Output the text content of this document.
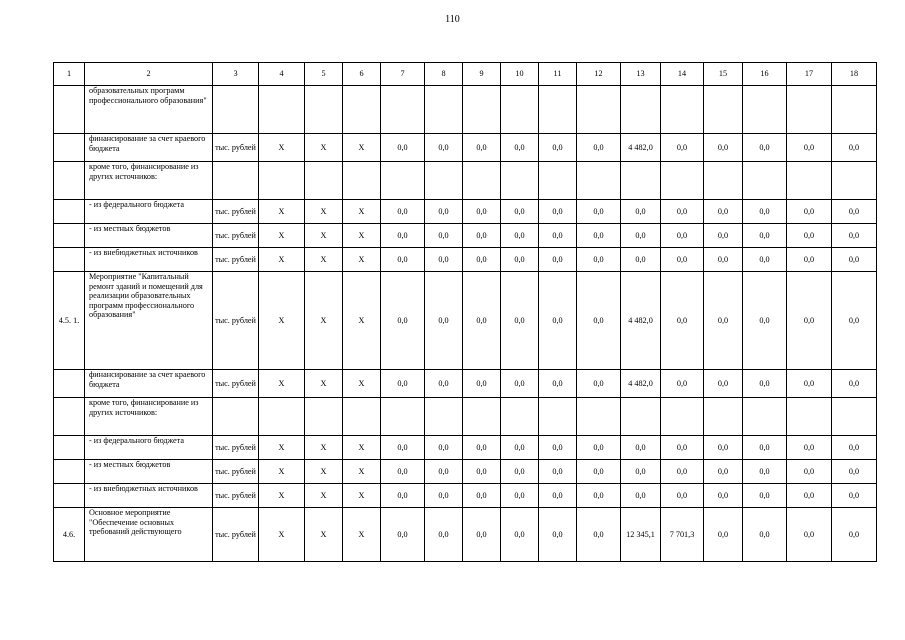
110
1	2	3	4	5	6	7	8	9	10	11	12	13	14	15	16	17	18
	образовательных программ профессионального образования"																
	финансирование за счет краевого бюджета	тыс. рублей	X	X	X	0,0	0,0	0,0	0,0	0,0	0,0	4 482,0	0,0	0,0	0,0	0,0	0,0
	кроме того, финансирование из других источников:																
	- из федерального бюджета	тыс. рублей	X	X	X	0,0	0,0	0,0	0,0	0,0	0,0	0,0	0,0	0,0	0,0	0,0	0,0
	- из местных бюджетов	тыс. рублей	X	X	X	0,0	0,0	0,0	0,0	0,0	0,0	0,0	0,0	0,0	0,0	0,0	0,0
	- из внебюджетных источников	тыс. рублей	X	X	X	0,0	0,0	0,0	0,0	0,0	0,0	0,0	0,0	0,0	0,0	0,0	0,0
4.5. 1.	Мероприятие "Капитальный ремонт зданий и помещений для реализации образовательных программ профессионального образования"	тыс. рублей	X	X	X	0,0	0,0	0,0	0,0	0,0	0,0	4 482,0	0,0	0,0	0,0	0,0	0,0
	финансирование за счет краевого бюджета	тыс. рублей	X	X	X	0,0	0,0	0,0	0,0	0,0	0,0	4 482,0	0,0	0,0	0,0	0,0	0,0
	кроме того, финансирование из других источников:																
	- из федерального бюджета	тыс. рублей	X	X	X	0,0	0,0	0,0	0,0	0,0	0,0	0,0	0,0	0,0	0,0	0,0	0,0
	- из местных бюджетов	тыс. рублей	X	X	X	0,0	0,0	0,0	0,0	0,0	0,0	0,0	0,0	0,0	0,0	0,0	0,0
	- из внебюджетных источников	тыс. рублей	X	X	X	0,0	0,0	0,0	0,0	0,0	0,0	0,0	0,0	0,0	0,0	0,0	0,0
4.6.	Основное мероприятие "Обеспечение основных требований действующего	тыс. рублей	X	X	X	0,0	0,0	0,0	0,0	0,0	0,0	12 345,1	7 701,3	0,0	0,0	0,0	0,0
